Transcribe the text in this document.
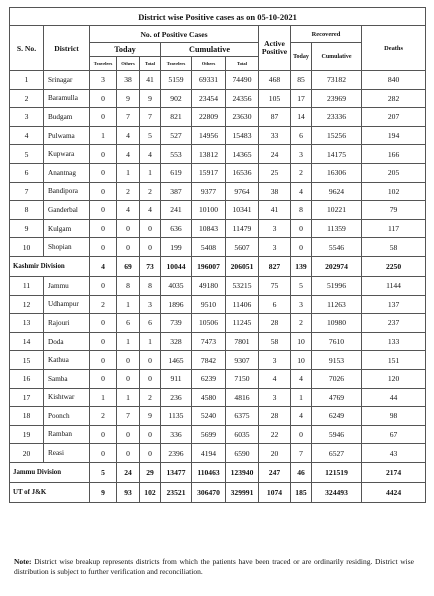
District wise Positive cases as on 05-10-2021											
S. No.	District	No. of Positive Cases						Active Positive	Recovered		Deaths
		Today			Cumulative				Today	Cumulative	
		Travelers	Others	Total	Travelers	Others	Total				
1	Srinagar	3	38	41	5159	69331	74490	468	85	73182	840
2	Baramulla	0	9	9	902	23454	24356	105	17	23969	282
3	Budgam	0	7	7	821	22809	23630	87	14	23336	207
4	Pulwama	1	4	5	527	14956	15483	33	6	15256	194
5	Kupwara	0	4	4	553	13812	14365	24	3	14175	166
6	Anantnag	0	1	1	619	15917	16536	25	2	16306	205
7	Bandipora	0	2	2	387	9377	9764	38	4	9624	102
8	Ganderbal	0	4	4	241	10100	10341	41	8	10221	79
9	Kulgam	0	0	0	636	10843	11479	3	0	11359	117
10	Shopian	0	0	0	199	5408	5607	3	0	5546	58
Kashmir Division		4	69	73	10044	196007	206051	827	139	202974	2250
11	Jammu	0	8	8	4035	49180	53215	75	5	51996	1144
12	Udhampur	2	1	3	1896	9510	11406	6	3	11263	137
13	Rajouri	0	6	6	739	10506	11245	28	2	10980	237
14	Doda	0	1	1	328	7473	7801	58	10	7610	133
15	Kathua	0	0	0	1465	7842	9307	3	10	9153	151
16	Samba	0	0	0	911	6239	7150	4	4	7026	120
17	Kishtwar	1	1	2	236	4580	4816	3	1	4769	44
18	Poonch	2	7	9	1135	5240	6375	28	4	6249	98
19	Ramban	0	0	0	336	5699	6035	22	0	5946	67
20	Reasi	0	0	0	2396	4194	6590	20	7	6527	43
Jammu Division		5	24	29	13477	110463	123940	247	46	121519	2174
UT of J&K		9	93	102	23521	306470	329991	1074	185	324493	4424
Note: District wise breakup represents districts from which the patients have been traced or are ordinarily residing. District wise distribution is subject to further verification and reconciliation.
